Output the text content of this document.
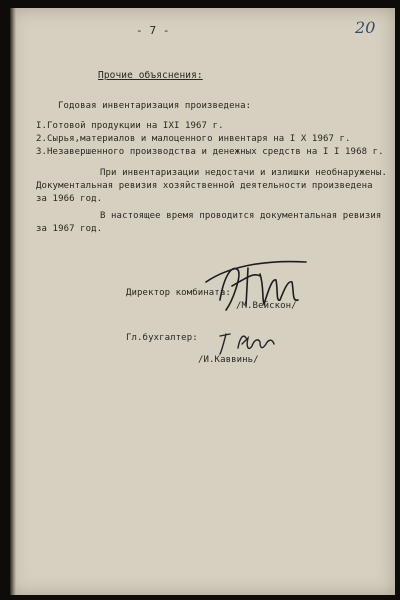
- 7 -	20
Прочие объяснения:
Годовая инвентаризация произведена:
I.Готовой продукции на IXI 1967 г.
2.Сырья,материалов и малоценного инвентаря на I X 1967 г.
3.Незавершенного производства и денежных средств на I I 1968 г.
При инвентаризации недостачи и излишки необнаружены.
Документальная ревизия хозяйственной деятельности произведена
за 1966 год.
В настоящее время проводится документальная ревизия
за 1967 год.
Директор комбината:
/М.Вейскон/
Гл.бухгалтер:
/И.Каввинь/
